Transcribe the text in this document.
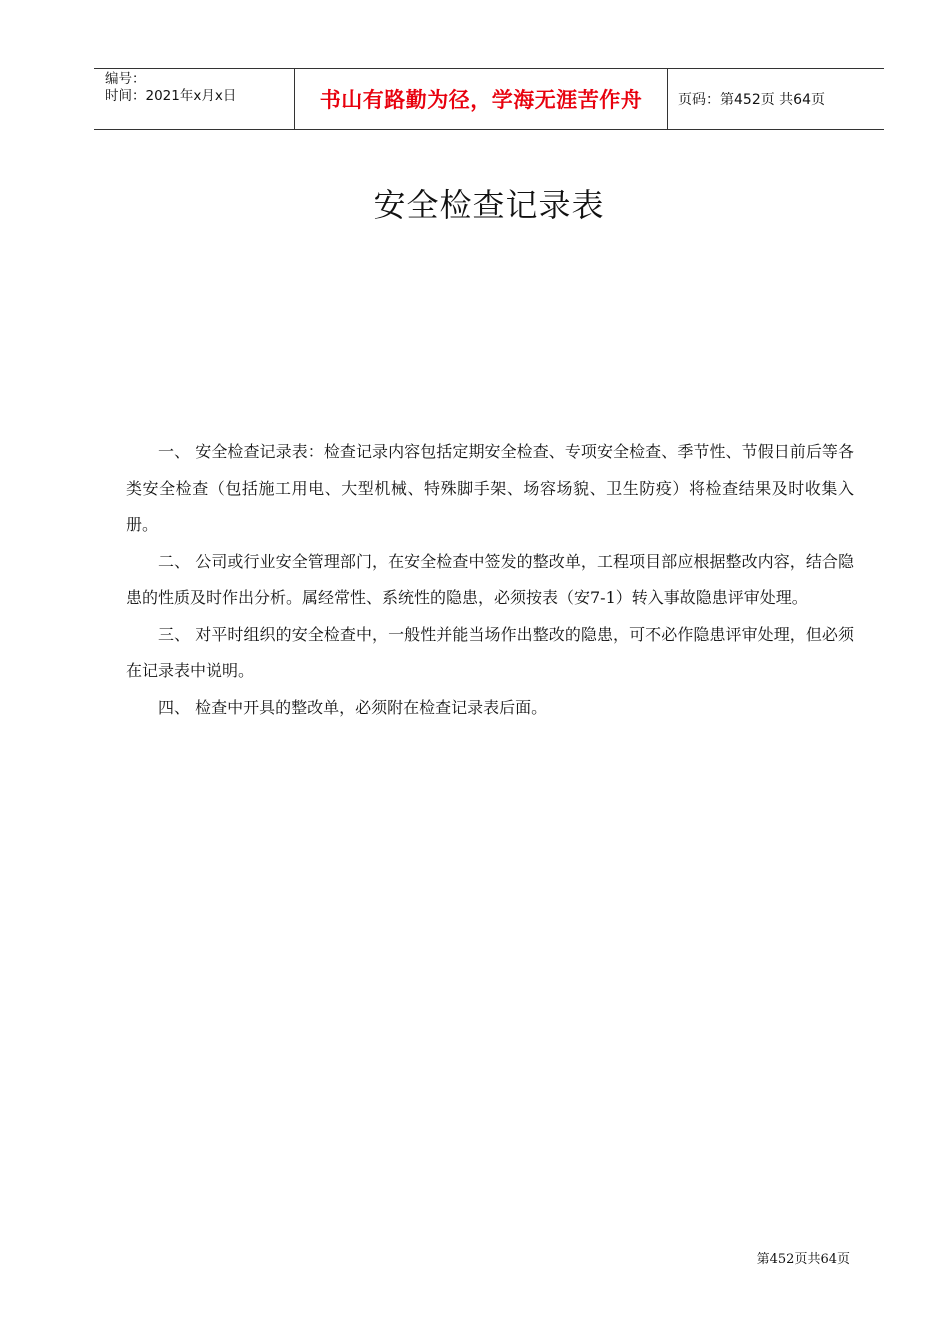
编号：
时间：2021年x月x日	书山有路勤为径，学海无涯苦作舟	页码：第452页 共64页
安全检查记录表

一、 安全检查记录表：检查记录内容包括定期安全检查、专项安全检查、季节性、节假日前后等各类安全检查（包括施工用电、大型机械、特殊脚手架、场容场貌、卫生防疫）将检查结果及时收集入册。

二、 公司或行业安全管理部门，在安全检查中签发的整改单，工程项目部应根据整改内容，结合隐患的性质及时作出分析。属经常性、系统性的隐患，必须按表（安7-1）转入事故隐患评审处理。

三、 对平时组织的安全检查中，一般性并能当场作出整改的隐患，可不必作隐患评审处理，但必须在记录表中说明。

四、 检查中开具的整改单，必须附在检查记录表后面。

第452页共64页
